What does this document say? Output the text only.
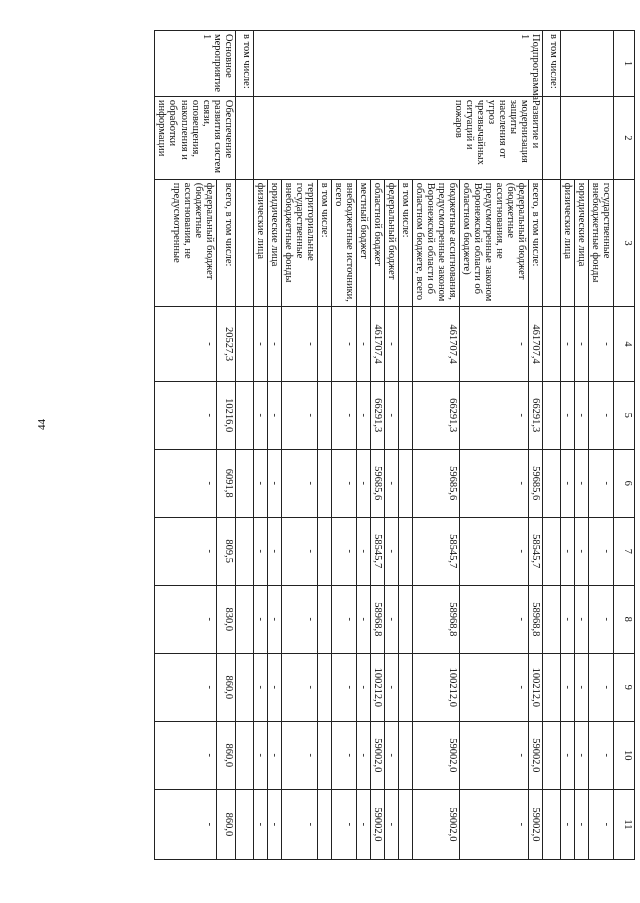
44
1	2	3	4	5	6	7	8	9	10	11
		государственные внебюджетные фонды	-	-	-	-	-	-	-	-
		юридические лица	-	-	-	-	-	-	-	-
		физические лица	-	-	-	-	-	-	-	-
в том числе:										
Подпрограмма 1	Развитие и модернизация защиты населения от угроз чрезвычайных ситуаций и пожаров	всего, в том числе:	461707,4	66291,3	59685,6	58545,7	58968,8	100212,0	59002,0	59002,0
		федеральный бюджет (бюджетные ассигнования, не предусмотренные законом Воронежской области об областном бюджете)	-	-	-	-	-	-	-	-
		бюджетные ассигнования, предусмотренные законом Воронежской области об областном бюджете, всего	461707,4	66291,3	59685,6	58545,7	58968,8	100212,0	59002,0	59002,0
		в том числе:								
		федеральный бюджет	-	-	-	-	-	-	-	-
		областной бюджет	461707,4	66291,3	59685,6	58545,7	58968,8	100212,0	59002,0	59002,0
		местный бюджет	-	-	-	-	-	-	-	-
		внебюджетные источники, всего	-	-	-	-	-	-	-	-
		в том числе:								
		территориальные государственные внебюджетные фонды	-	-	-	-	-	-	-	-
		юридические лица	-	-	-	-	-	-	-	-
		физические лица	-	-	-	-	-	-	-	-
в том числе:										
Основное мероприятие 1	Обеспечение развития систем связи, оповещения, накопления и обработки информации	всего, в том числе:	20527,3	10216,0	6091,8	809,5	830,0	860,0	860,0	860,0
		федеральный бюджет (бюджетные ассигнования, не предусмотренные	-	-	-	-	-	-	-	-
